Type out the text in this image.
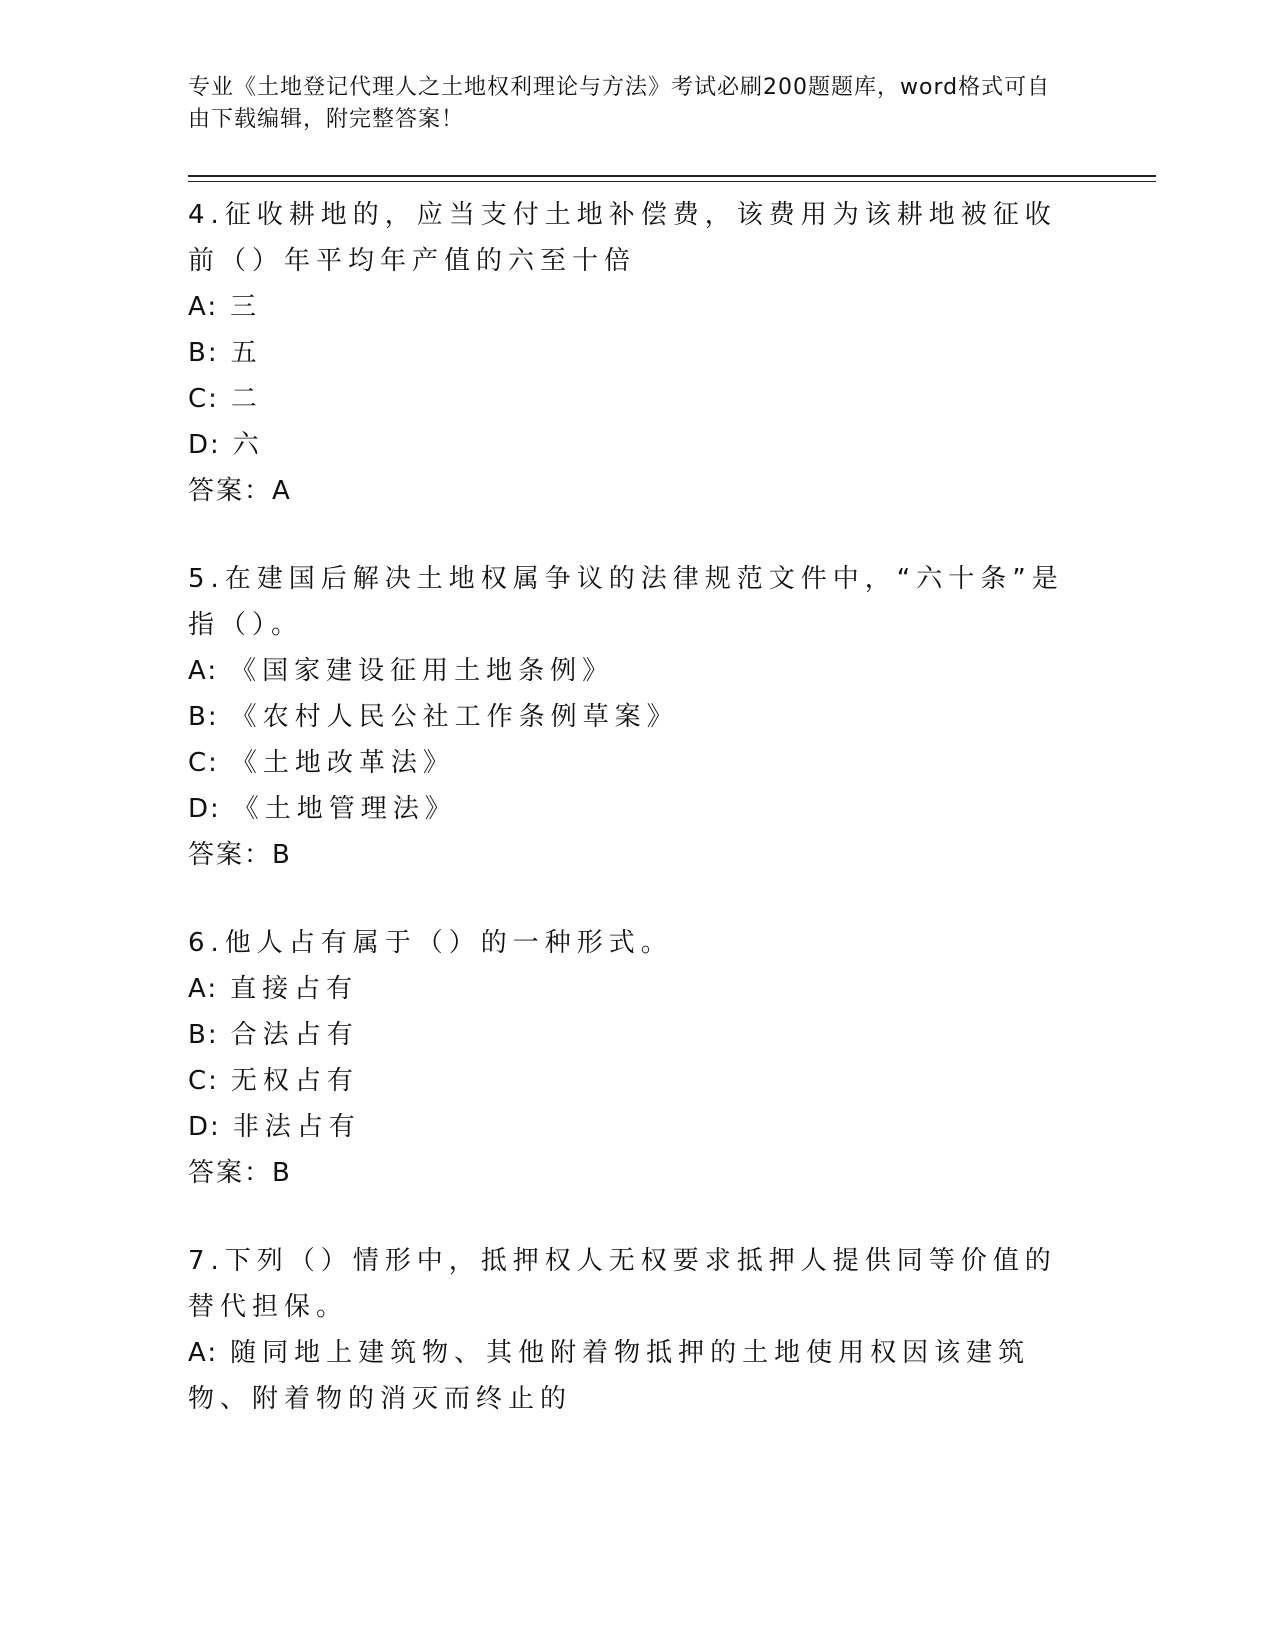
专业《土地登记代理人之土地权利理论与方法》考试必刷200题题库，word格式可自由下载编辑，附完整答案！
4.征收耕地的，应当支付土地补偿费，该费用为该耕地被征收前（）年平均年产值的六至十倍
A: 三
B: 五
C: 二
D: 六
答案：A
5.在建国后解决土地权属争议的法律规范文件中，“六十条”是指（）。
A: 《国家建设征用土地条例》
B: 《农村人民公社工作条例草案》
C: 《土地改革法》
D: 《土地管理法》
答案：B
6.他人占有属于（）的一种形式。
A: 直接占有
B: 合法占有
C: 无权占有
D: 非法占有
答案：B
7.下列（）情形中，抵押权人无权要求抵押人提供同等价值的替代担保。
A: 随同地上建筑物、其他附着物抵押的土地使用权因该建筑物、附着物的消灭而终止的
